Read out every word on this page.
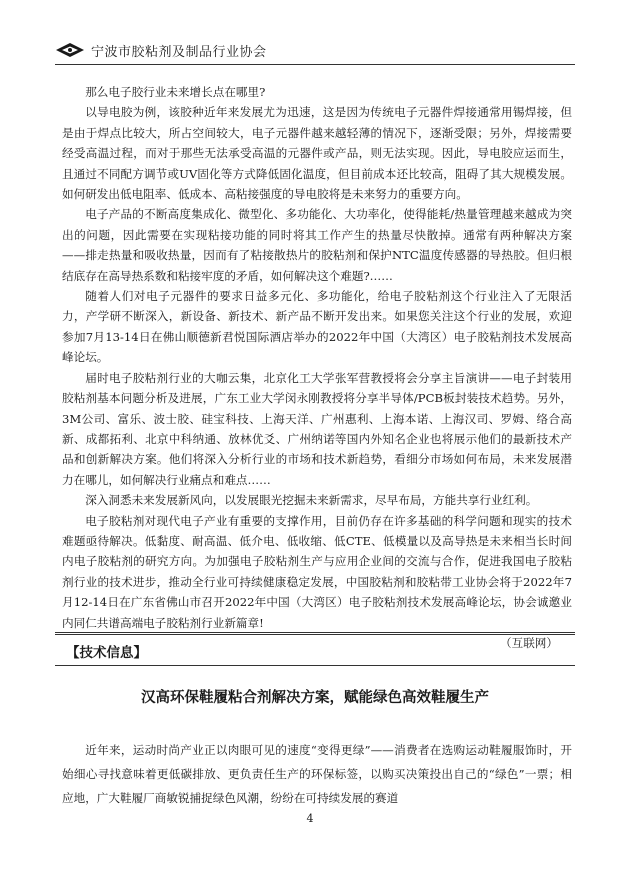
宁波市胶粘剂及制品行业协会

那么电子胶行业未来增长点在哪里?

以导电胶为例，该胶种近年来发展尤为迅速，这是因为传统电子元器件焊接通常用锡焊接，但是由于焊点比较大，所占空间较大，电子元器件越来越轻薄的情况下，逐渐受限；另外，焊接需要经受高温过程，而对于那些无法承受高温的元器件或产品，则无法实现。因此，导电胶应运而生，且通过不同配方调节或UV固化等方式降低固化温度，但目前成本还比较高，阻碍了其大规模发展。如何研发出低电阻率、低成本、高粘接强度的导电胶将是未来努力的重要方向。

电子产品的不断高度集成化、微型化、多功能化、大功率化，使得能耗/热量管理越来越成为突出的问题，因此需要在实现粘接功能的同时将其工作产生的热量尽快散掉。通常有两种解决方案——排走热量和吸收热量，因而有了粘接散热片的胶粘剂和保护NTC温度传感器的导热胶。但归根结底存在高导热系数和粘接牢度的矛盾，如何解决这个难题?……

随着人们对电子元器件的要求日益多元化、多功能化，给电子胶粘剂这个行业注入了无限活力，产学研不断深入，新设备、新技术、新产品不断开发出来。如果您关注这个行业的发展，欢迎参加7月13-14日在佛山顺德新君悦国际酒店举办的2022年中国（大湾区）电子胶粘剂技术发展高峰论坛。

届时电子胶粘剂行业的大咖云集，北京化工大学张军营教授将会分享主旨演讲——电子封装用胶粘剂基本问题分析及进展，广东工业大学闵永刚教授将分享半导体/PCB板封装技术趋势。另外，3M公司、富乐、波士胶、硅宝科技、上海天洋、广州惠利、上海本诺、上海汉司、罗姆、络合高新、成都拓利、北京中科纳通、放林优爻、广州纳诺等国内外知名企业也将展示他们的最新技术产品和创新解决方案。他们将深入分析行业的市场和技术新趋势，看细分市场如何布局，未来发展潜力在哪儿，如何解决行业痛点和难点……

深入洞悉未来发展新风向，以发展眼光挖掘未来新需求，尽早布局，方能共享行业红利。

电子胶粘剂对现代电子产业有重要的支撑作用，目前仍存在许多基础的科学问题和现实的技术难题亟待解决。低黏度、耐高温、低介电、低收缩、低CTE、低模量以及高导热是未来相当长时间内电子胶粘剂的研究方向。为加强电子胶粘剂生产与应用企业间的交流与合作，促进我国电子胶粘剂行业的技术进步，推动全行业可持续健康稳定发展，中国胶粘剂和胶粘带工业协会将于2022年7月12-14日在广东省佛山市召开2022年中国（大湾区）电子胶粘剂技术发展高峰论坛，协会诚邀业内同仁共谱高端电子胶粘剂行业新篇章!

（互联网）

【技术信息】
汉高环保鞋履粘合剂解决方案，赋能绿色高效鞋履生产

近年来，运动时尚产业正以肉眼可见的速度“变得更绿”——消费者在选购运动鞋履服饰时，开始细心寻找意味着更低碳排放、更负责任生产的环保标签，以购买决策投出自己的“绿色”一票；相应地，广大鞋履厂商敏锐捕捉绿色风潮，纷纷在可持续发展的赛道

4
